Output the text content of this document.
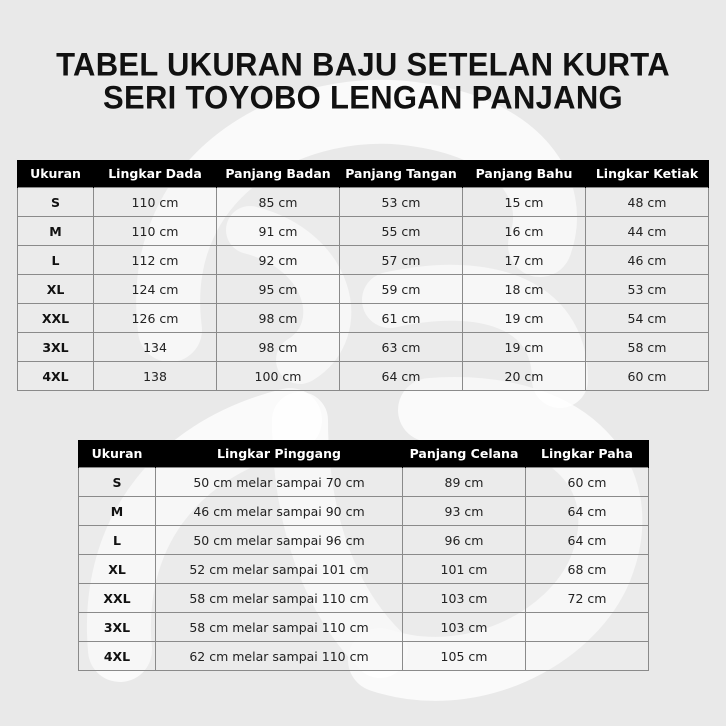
TABEL UKURAN BAJU SETELAN KURTA
SERI TOYOBO LENGAN PANJANG
Ukuran	Lingkar Dada	Panjang Badan	Panjang Tangan	Panjang Bahu	Lingkar Ketiak
S	110 cm	85 cm	53 cm	15 cm	48 cm
M	110 cm	91 cm	55 cm	16 cm	44 cm
L	112 cm	92 cm	57 cm	17 cm	46 cm
XL	124 cm	95 cm	59 cm	18 cm	53 cm
XXL	126 cm	98 cm	61 cm	19 cm	54 cm
3XL	134	98 cm	63 cm	19 cm	58 cm
4XL	138	100 cm	64 cm	20 cm	60 cm
Ukuran	Lingkar Pinggang	Panjang Celana	Lingkar Paha
S	50 cm melar sampai 70 cm	89 cm	60 cm
M	46 cm melar sampai 90 cm	93 cm	64 cm
L	50 cm melar sampai 96 cm	96 cm	64 cm
XL	52 cm melar sampai 101 cm	101 cm	68 cm
XXL	58 cm melar sampai 110 cm	103 cm	72 cm
3XL	58 cm melar sampai 110 cm	103 cm	
4XL	62 cm melar sampai 110 cm	105 cm	
